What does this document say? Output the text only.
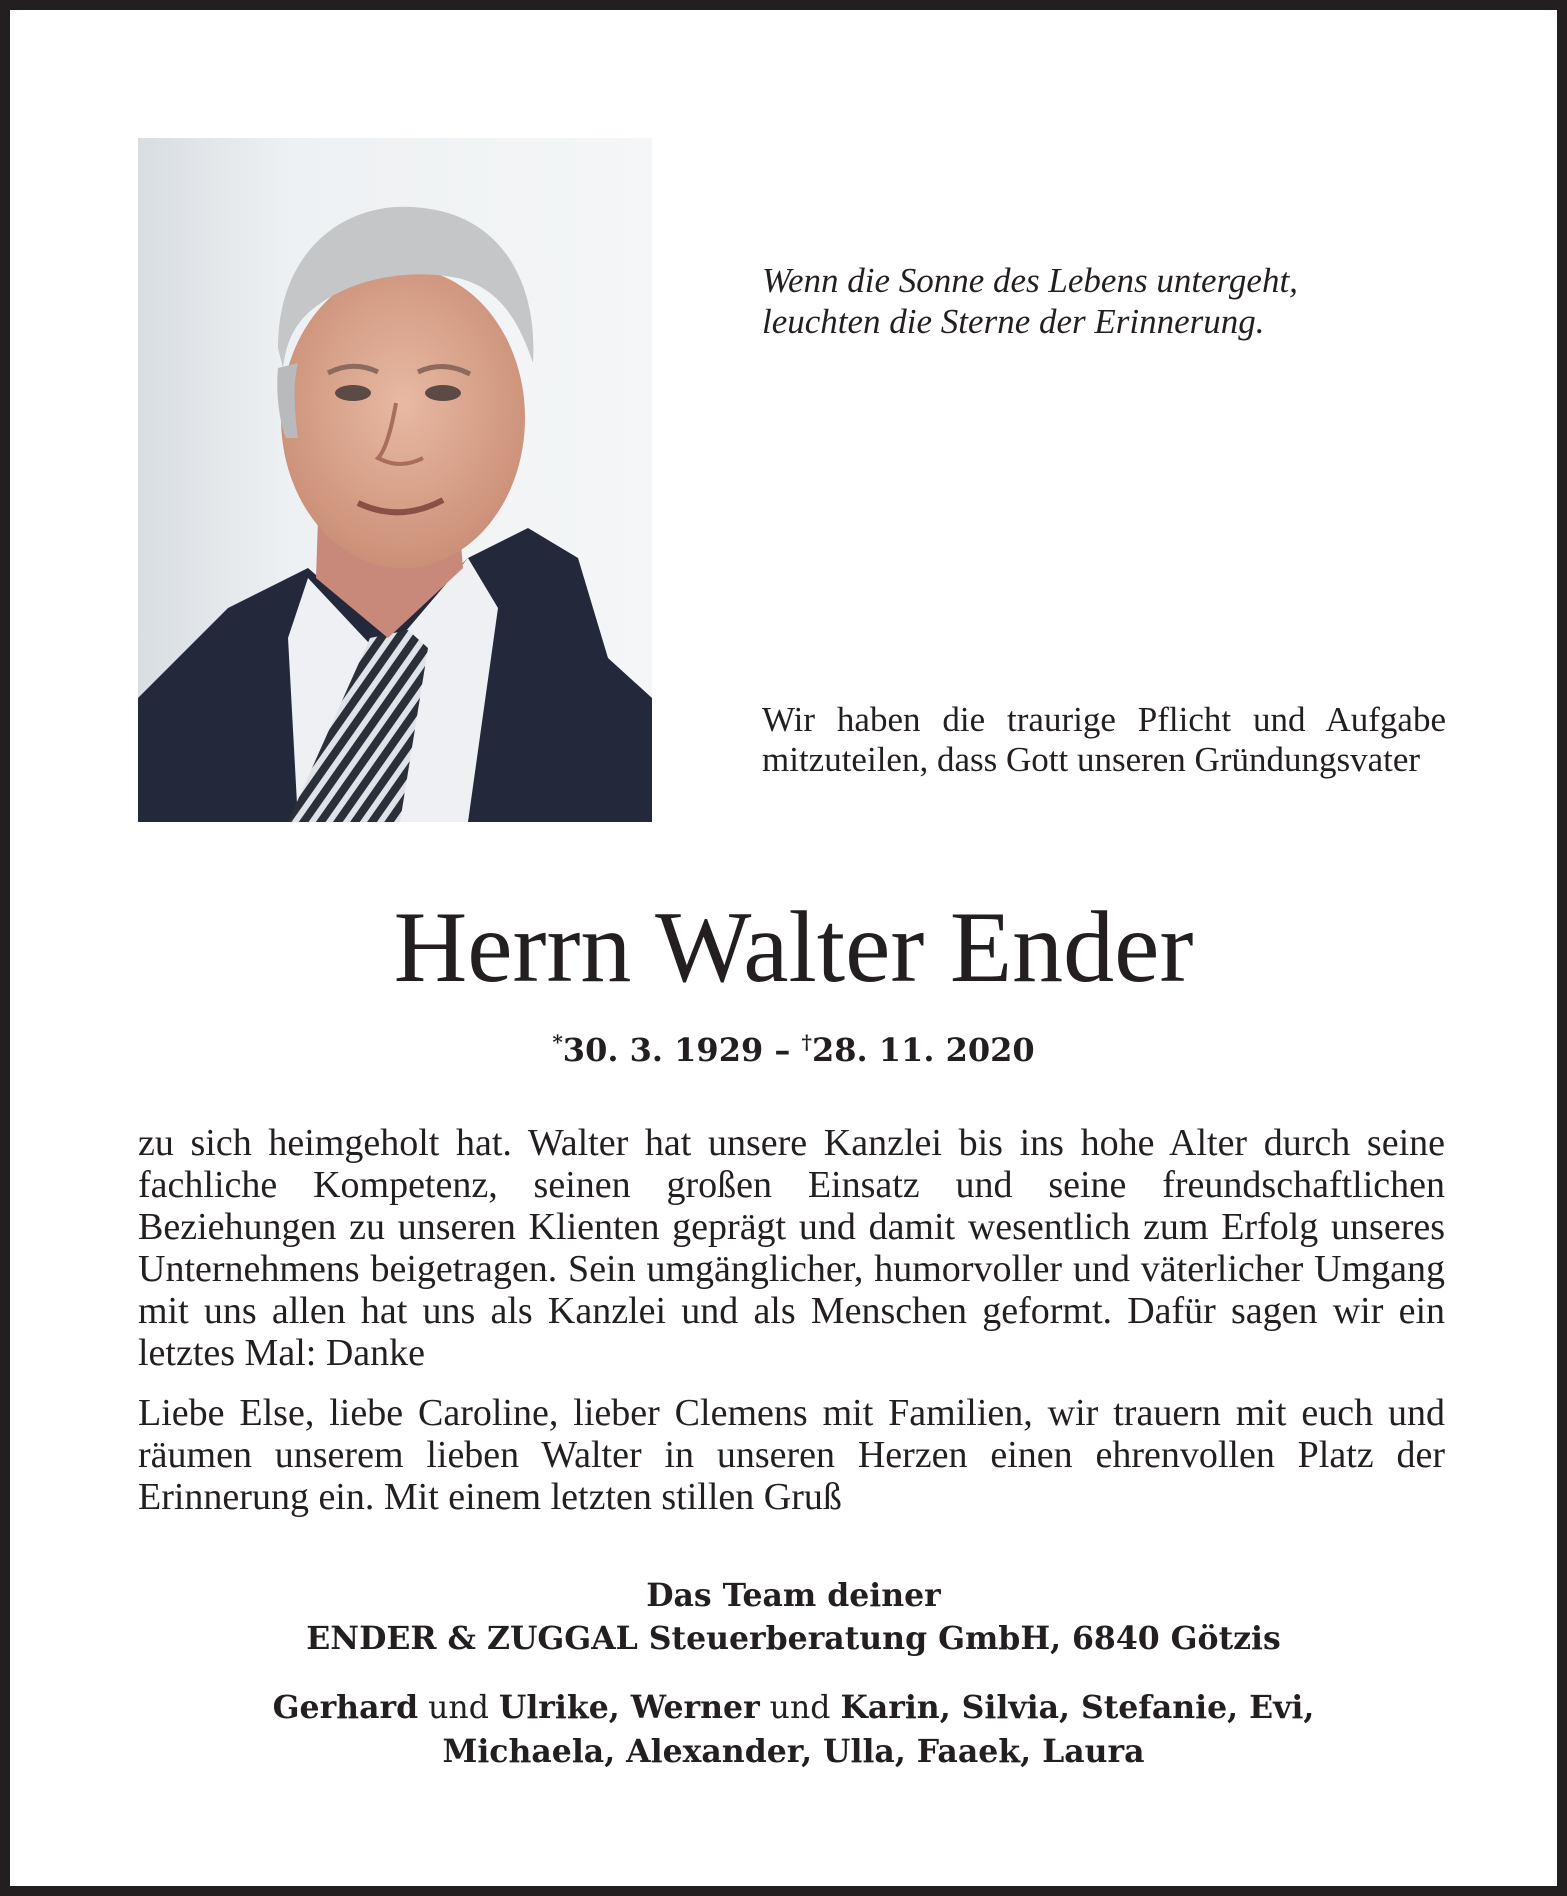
Wenn die Sonne des Lebens untergeht,
leuchten die Sterne der Erinnerung.
Wir haben die traurige Pflicht und Aufgabe mitzuteilen, dass Gott unseren Gründungsvater
Herrn Walter Ender
*30. 3. 1929 – †28. 11. 2020

zu sich heimgeholt hat. Walter hat unsere Kanzlei bis ins hohe Alter durch seine fachliche Kompetenz, seinen großen Einsatz und seine freundschaftlichen Beziehungen zu unseren Klienten geprägt und damit wesentlich zum Erfolg unseres Unternehmens beigetragen. Sein umgänglicher, humorvoller und väterlicher Umgang mit uns allen hat uns als Kanzlei und als Menschen geformt. Dafür sagen wir ein letztes Mal: Danke

Liebe Else, liebe Caroline, lieber Clemens mit Familien, wir trauern mit euch und räumen unserem lieben Walter in unseren Herzen einen ehrenvollen Platz der Erinnerung ein. Mit einem letzten stillen Gruß

Das Team deiner
ENDER & ZUGGAL Steuerberatung GmbH, 6840 Götzis
Gerhard und Ulrike, Werner und Karin, Silvia, Stefanie, Evi,
Michaela, Alexander, Ulla, Faaek, Laura
